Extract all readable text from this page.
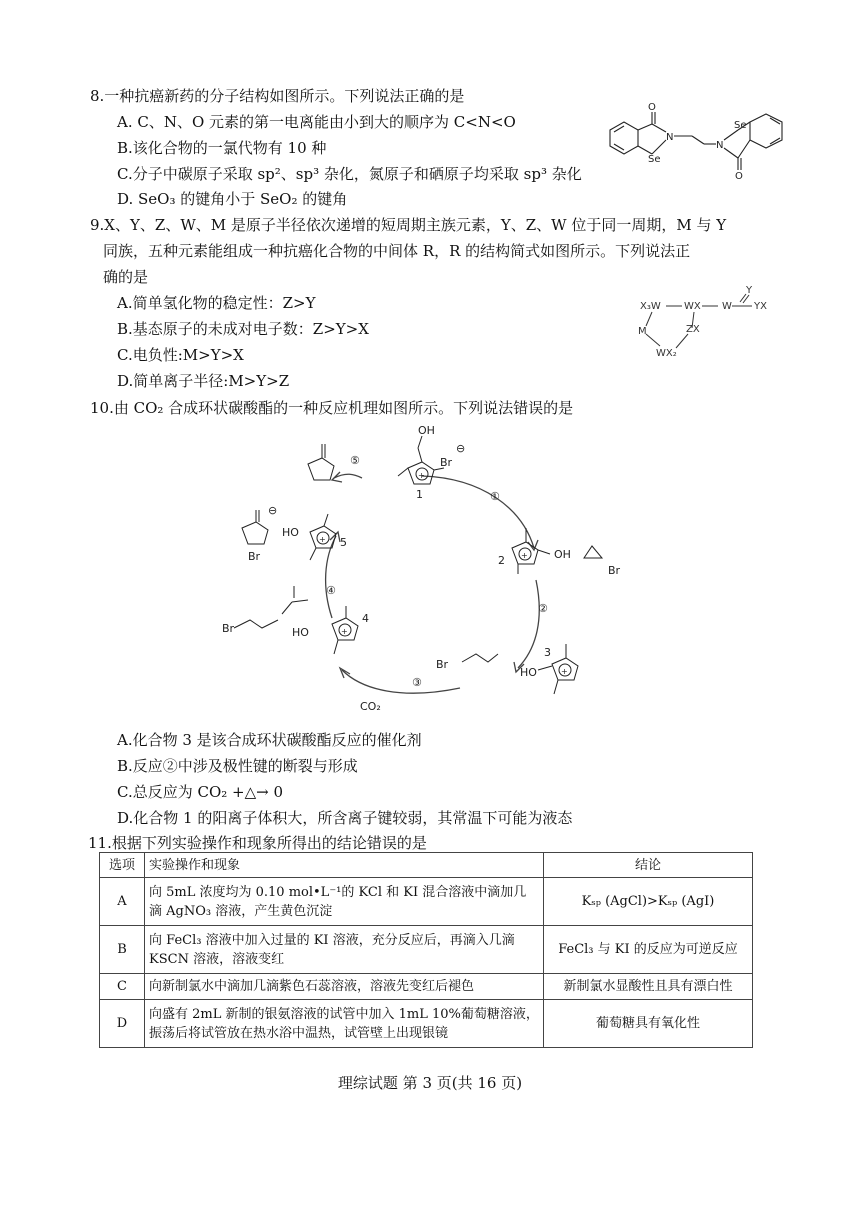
8.一种抗癌新药的分子结构如图所示。下列说法正确的是
A. C、N、O 元素的第一电离能由小到大的顺序为 C<N<O
B.该化合物的一氯代物有 10 种
C.分子中碳原子采取 sp²、sp³ 杂化，氮原子和硒原子均采取 sp³ 杂化
D. SeO₃ 的键角小于 SeO₂ 的键角
O
N
Se
Se
N
O
9.X、Y、Z、W、M 是原子半径依次递增的短周期主族元素，Y、Z、W 位于同一周期，M 与 Y
同族，五种元素能组成一种抗癌化合物的中间体 R，R 的结构简式如图所示。下列说法正
确的是
A.简单氢化物的稳定性：Z>Y
B.基态原子的未成对电子数：Z>Y>X
C.电负性:M>Y>X
D.简单离子半径:M>Y>Z
X₃W WX W
Y
YX
M	ZX
WX₂
10.由 CO₂ 合成环状碳酸酯的一种反应机理如图所示。下列说法错误的是
①
②
③
④
⑤
1
2
3
4
5
Br
Br
Br
Br
Br
OH
OH
HO
HO
HO
CO₂
+
+
+
+
+
⊖
⊖
A.化合物 3 是该合成环状碳酸酯反应的催化剂
B.反应②中涉及极性键的断裂与形成
C.总反应为 CO₂ +△→ 0
D.化合物 1 的阳离子体积大，所含离子键较弱，其常温下可能为液态
11.根据下列实验操作和现象所得出的结论错误的是
选项	实验操作和现象	结论
A	向 5mL 浓度均为 0.10 mol•L⁻¹的 KCl 和 KI 混合溶液中滴加几滴 AgNO₃ 溶液，产生黄色沉淀	Kₛₚ (AgCl)>Kₛₚ (AgI)
B	向 FeCl₃ 溶液中加入过量的 KI 溶液，充分反应后，再滴入几滴 KSCN 溶液，溶液变红	FeCl₃ 与 KI 的反应为可逆反应
C	向新制氯水中滴加几滴紫色石蕊溶液，溶液先变红后褪色	新制氯水显酸性且具有漂白性
D	向盛有 2mL 新制的银氨溶液的试管中加入 1mL 10%葡萄糖溶液，振荡后将试管放在热水浴中温热，试管壁上出现银镜	葡萄糖具有氧化性
理综试题 第 3 页(共 16 页)
